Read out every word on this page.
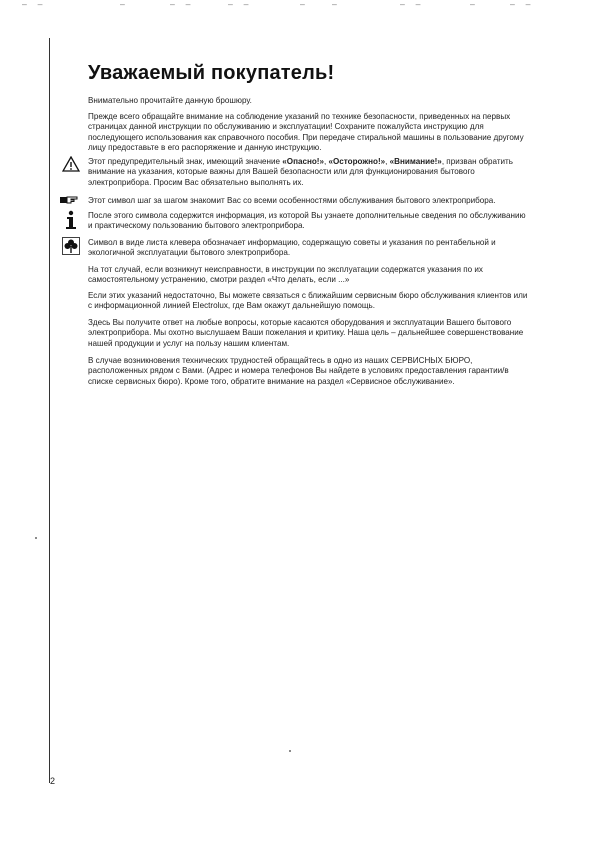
— —	—	— —	— —	—	—	— —	—	— —
Уважаемый покупатель!

Внимательно прочитайте данную брошюру.

Прежде всего обращайте внимание на соблюдение указаний по технике безопасности, приведенных на первых страницах данной инструкции по обслуживанию и эксплуатации! Сохраните пожалуйста инструкцию для последующего использования как справочного пособия. При передаче стиральной машины в пользование другому лицу предоставьте в его распоряжение и данную инструкцию.

Этот предупредительный знак, имеющий значение «Опасно!», «Осторожно!», «Внимание!», призван обратить внимание на указания, которые важны для Вашей безопасности или для функционирования бытового электроприбора. Просим Вас обязательно выполнять их.

Этот символ шаг за шагом знакомит Вас со всеми особенностями обслуживания бытового электроприбора.

После этого символа содержится информация, из которой Вы узнаете дополнительные сведения по обслуживанию и практическому пользованию бытового электроприбора.

Символ в виде листа клевера обозначает информацию, содержащую советы и указания по рентабельной и экологичной эксплуатации бытового электроприбора.

На тот случай, если возникнут неисправности, в инструкции по эксплуатации содержатся указания по их самостоятельному устранению, смотри раздел «Что делать, если ...»

Если этих указаний недостаточно, Вы можете связаться с ближайшим сервисным бюро обслуживания клиентов или с информационной линией Electrolux, где Вам окажут дальнейшую помощь.

Здесь Вы получите ответ на любые вопросы, которые касаются оборудования и эксплуатации Вашего бытового электроприбора. Мы охотно выслушаем Ваши пожелания и критику. Наша цель – дальнейшее совершенствование нашей продукции и услуг на пользу нашим клиентам.

В случае возникновения технических трудностей обращайтесь в одно из наших СЕРВИСНЫХ БЮРО, расположенных рядом с Вами. (Адрес и номера телефонов Вы найдете в условиях предоставления гарантии/в списке сервисных бюро). Кроме того, обратите внимание на раздел «Сервисное обслуживание».

2
